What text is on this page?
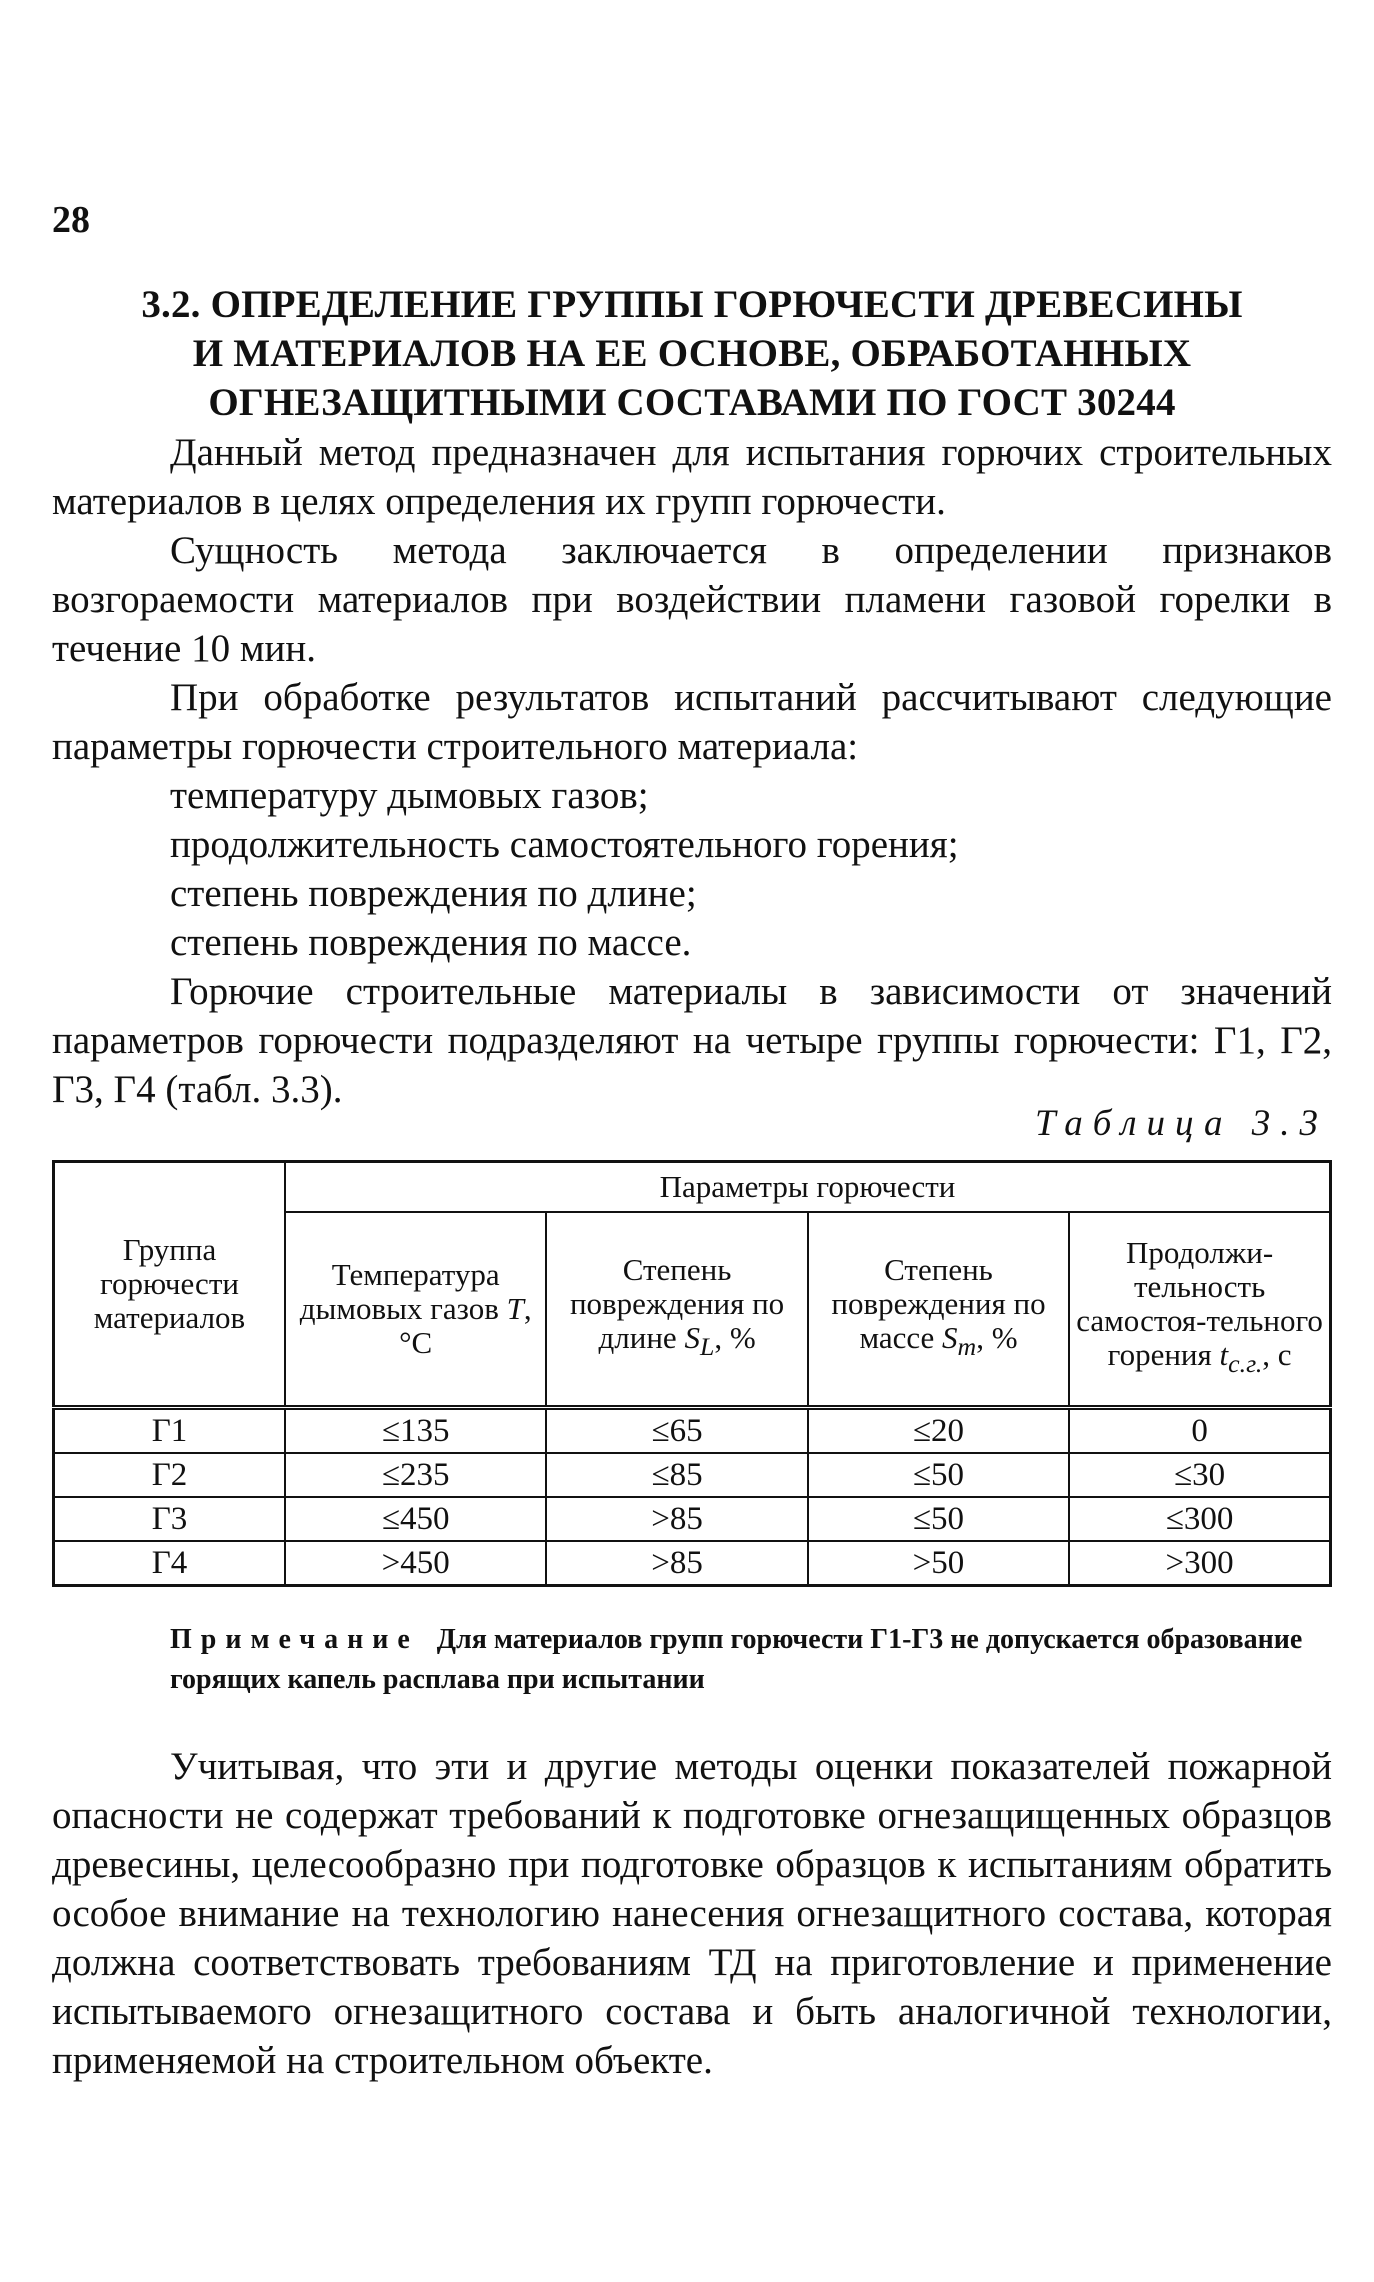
28
3.2. ОПРЕДЕЛЕНИЕ ГРУППЫ ГОРЮЧЕСТИ ДРЕВЕСИНЫ
И МАТЕРИАЛОВ НА ЕЕ ОСНОВЕ, ОБРАБОТАННЫХ
ОГНЕЗАЩИТНЫМИ СОСТАВАМИ ПО ГОСТ 30244

Данный метод предназначен для испытания горючих строительных материалов в целях определения их групп горючести.

Сущность метода заключается в определении признаков возгораемости материалов при воздействии пламени газовой горелки в течение 10 мин.

При обработке результатов испытаний рассчитывают следующие параметры горючести строительного материала:

температуру дымовых газов;
продолжительность самостоятельного горения;
степень повреждения по длине;
степень повреждения по массе.

Горючие строительные материалы в зависимости от значений параметров горючести подразделяют на четыре группы горючести: Г1, Г2, Г3, Г4 (табл. 3.3).

Таблица 3.3
Группа горючести материалов	Параметры горючести			
	Температура дымовых газов T, °С	Степень повреждения по длине $S_L$, %	Степень повреждения по массе $S_m$, %	Продолжи-тельность самостоя-тельного горения $t_{с.г.}$, с
Г1	≤135	≤65	≤20	0
Г2	≤235	≤85	≤50	≤30
Г3	≤450	>85	≤50	≤300
Г4	>450	>85	>50	>300
Примечание Для материалов групп горючести Г1-Г3 не допускается образование горящих капель расплава при испытании

Учитывая, что эти и другие методы оценки показателей пожарной опасности не содержат требований к подготовке огнезащищенных образцов древесины, целесообразно при подготовке образцов к испытаниям обратить особое внимание на технологию нанесения огнезащитного состава, которая должна соответствовать требованиям ТД на приготовление и применение испытываемого огнезащитного состава и быть аналогичной технологии, применяемой на строительном объекте.
